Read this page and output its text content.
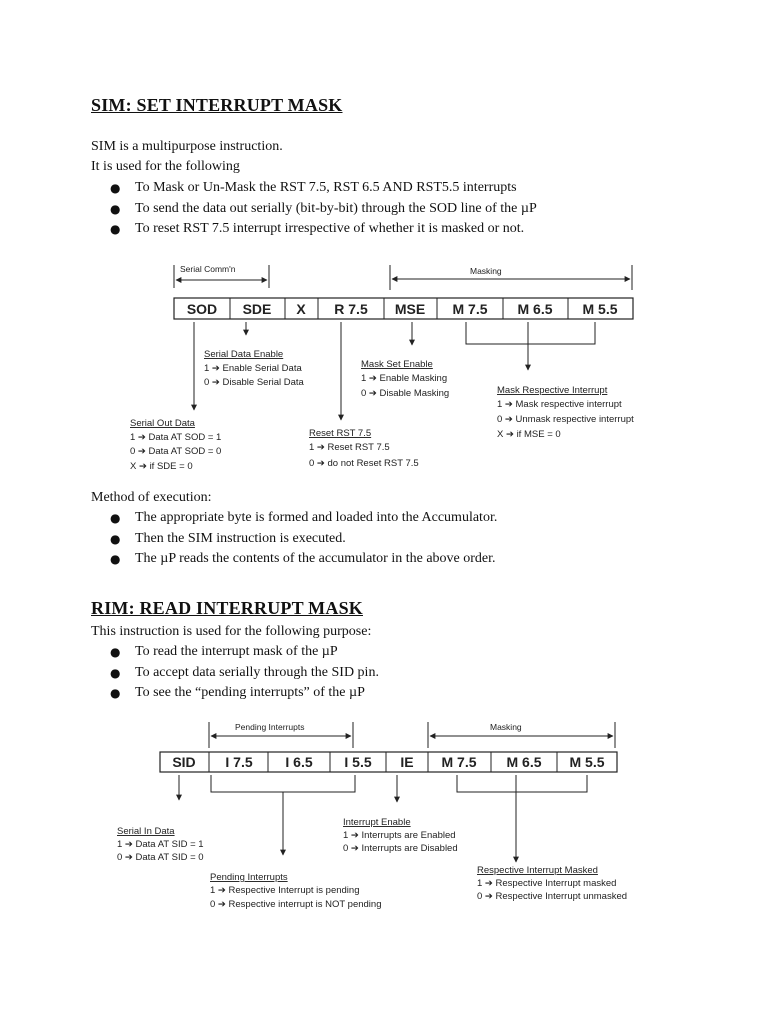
SIM: SET INTERRUPT MASK

SIM is a multipurpose instruction.

It is used for the following

● To Mask or Un-Mask the RST 7.5, RST 6.5 AND RST5.5 interrupts
● To send the data out serially (bit-by-bit) through the SOD line of the µP
● To reset RST 7.5 interrupt irrespective of whether it is masked or not.
Serial Comm'n	Masking
SOD SDE X R 7.5 MSE M 7.5 M 6.5 M 5.5
Serial Data Enable
1 ➔ Enable Serial Data
0 ➔ Disable Serial Data
Mask Set Enable
1 ➔ Enable Masking
0 ➔ Disable Masking	Mask Respective Interrupt
1 ➔ Mask respective interrupt
0 ➔ Unmask respective interrupt
X ➔ if MSE = 0
Serial Out Data
1 ➔ Data AT SOD = 1
0 ➔ Data AT SOD = 0
X ➔ if SDE = 0
Reset RST 7.5
1 ➔ Reset RST 7.5
0 ➔ do not Reset RST 7.5

Method of execution:

● The appropriate byte is formed and loaded into the Accumulator.
● Then the SIM instruction is executed.
● The µP reads the contents of the accumulator in the above order.
RIM: READ INTERRUPT MASK

This instruction is used for the following purpose:

● To read the interrupt mask of the µP
● To accept data serially through the SID pin.
● To see the “pending interrupts” of the µP
Pending Interrupts	Masking
SID I 7.5 I 6.5 I 5.5 IE M 7.5 M 6.5 M 5.5
Interrupt Enable
1 ➔ Interrupts are Enabled
0 ➔ Interrupts are Disabled
Serial In Data
1 ➔ Data AT SID = 1
0 ➔ Data AT SID = 0
Pending Interrupts
1 ➔ Respective Interrupt is pending
0 ➔ Respective interrupt is NOT pending
Respective Interrupt Masked
1 ➔ Respective Interrupt masked
0 ➔ Respective Interrupt unmasked
